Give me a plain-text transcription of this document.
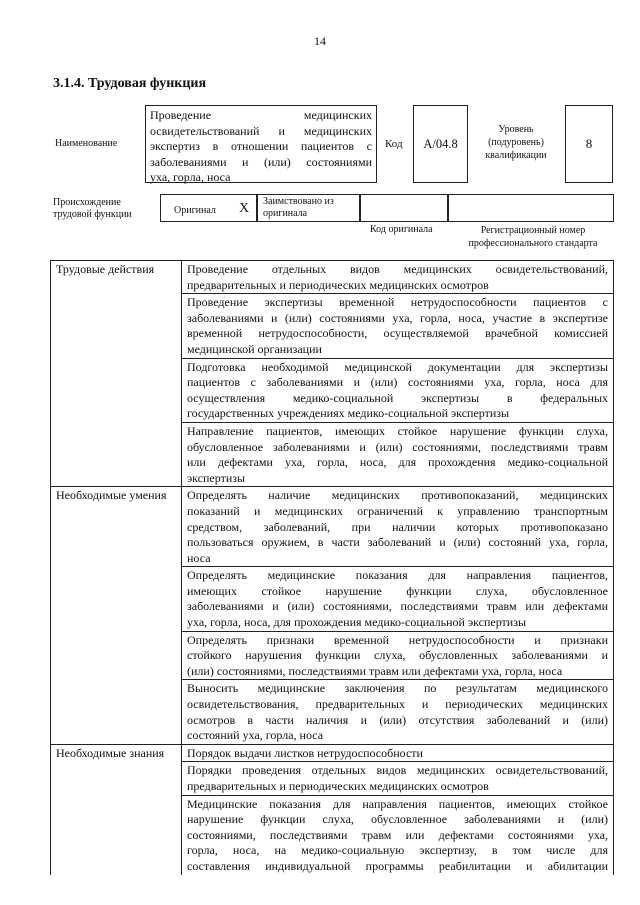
14
3.1.4. Трудовая функция
Наименование
Проведение медицинских
освидетельствований и медицинских
экспертиз в отношении пациентов с
заболеваниями и (или) состояниями
уха, горла, носа
Код А/04.8
Уровень
(подуровень)
квалификации
8
Происхождение
трудовой функции	Оригинал X Заимствовано из
оригинала
Код оригинала	Регистрационный номер
профессионального стандарта
Трудовые действия	Проведение отдельных видов медицинских освидетельствований,
предварительных и периодических медицинских осмотров

	Проведение экспертизы временной нетрудоспособности пациентов с
заболеваниями и (или) состояниями уха, горла, носа, участие в экспертизе
временной нетрудоспособности, осуществляемой врачебной комиссией
медицинской организации

	Подготовка необходимой медицинской документации для экспертизы
пациентов с заболеваниями и (или) состояниями уха, горла, носа для
осуществления медико-социальной экспертизы в федеральных
государственных учреждениях медико-социальной экспертизы

	Направление пациентов, имеющих стойкое нарушение функции слуха,
обусловленное заболеваниями и (или) состояниями, последствиями травм
или дефектами уха, горла, носа, для прохождения медико-социальной
экспертизы

Необходимые умения	Определять наличие медицинских противопоказаний, медицинских
показаний и медицинских ограничений к управлению транспортным
средством, заболеваний, при наличии которых противопоказано
пользоваться оружием, в части заболеваний и (или) состояний уха, горла,
носа

	Определять медицинские показания для направления пациентов,
имеющих стойкое нарушение функции слуха, обусловленное
заболеваниями и (или) состояниями, последствиями травм или дефектами
уха, горла, носа, для прохождения медико-социальной экспертизы

	Определять признаки временной нетрудоспособности и признаки
стойкого нарушения функции слуха, обусловленных заболеваниями и
(или) состояниями, последствиями травм или дефектами уха, горла, носа

	Выносить медицинские заключения по результатам медицинского
освидетельствования, предварительных и периодических медицинских
осмотров в части наличия и (или) отсутствия заболеваний и (или)
состояний уха, горла, носа

Необходимые знания	Порядок выдачи листков нетрудоспособности

	Порядки проведения отдельных видов медицинских освидетельствований,
предварительных и периодических медицинских осмотров

	Медицинские показания для направления пациентов, имеющих стойкое
нарушение функции слуха, обусловленное заболеваниями и (или)
состояниями, последствиями травм или дефектами состояниями уха,
горла, носа, на медико-социальную экспертизу, в том числе для
составления индивидуальной программы реабилитации и абилитации
